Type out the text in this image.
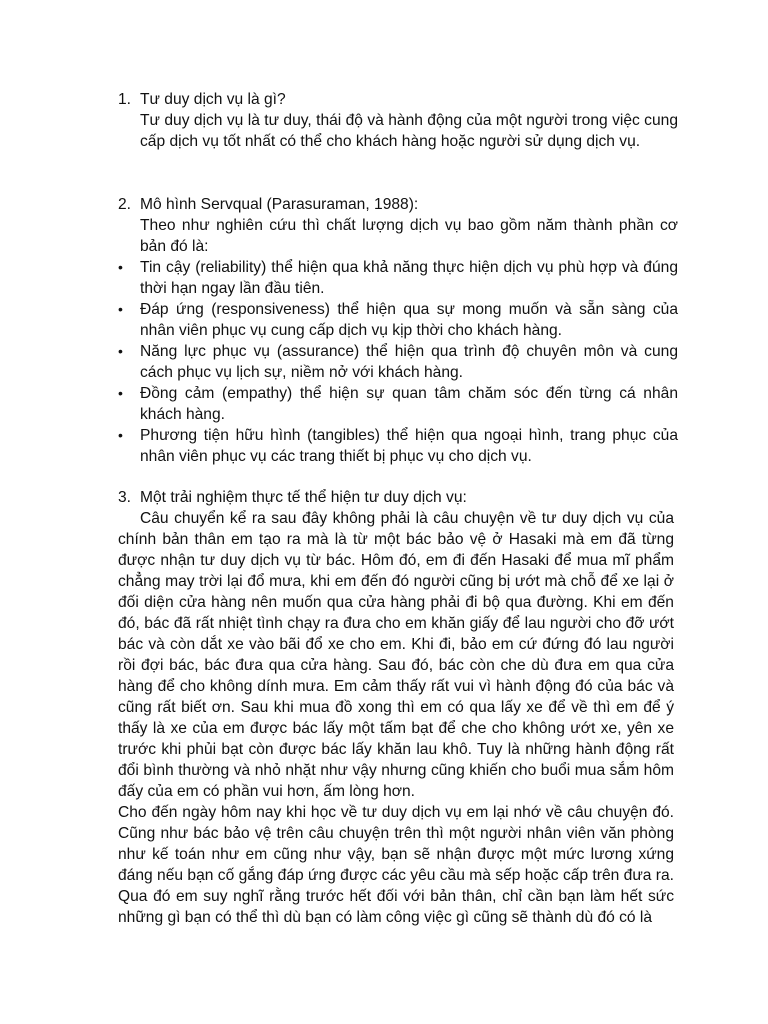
1. Tư duy dịch vụ là gì?

Tư duy dịch vụ là tư duy, thái độ và hành động của một người trong việc cung cấp dịch vụ tốt nhất có thể cho khách hàng hoặc người sử dụng dịch vụ.

2. Mô hình Servqual (Parasuraman, 1988):

Theo như nghiên cứu thì chất lượng dịch vụ bao gồm năm thành phần cơ bản đó là:

• Tin cậy (reliability) thể hiện qua khả năng thực hiện dịch vụ phù hợp và đúng thời hạn ngay lần đầu tiên.
• Đáp ứng (responsiveness) thể hiện qua sự mong muốn và sẵn sàng của nhân viên phục vụ cung cấp dịch vụ kịp thời cho khách hàng.
• Năng lực phục vụ (assurance) thể hiện qua trình độ chuyên môn và cung cách phục vụ lịch sự, niềm nở với khách hàng.
• Đồng cảm (empathy) thể hiện sự quan tâm chăm sóc đến từng cá nhân khách hàng.
• Phương tiện hữu hình (tangibles) thể hiện qua ngoại hình, trang phục của nhân viên phục vụ các trang thiết bị phục vụ cho dịch vụ.
3. Một trải nghiệm thực tế thể hiện tư duy dịch vụ:

Câu chuyển kể ra sau đây không phải là câu chuyện về tư duy dịch vụ của chính bản thân em tạo ra mà là từ một bác bảo vệ ở Hasaki mà em đã từng được nhận tư duy dịch vụ từ bác. Hôm đó, em đi đến Hasaki để mua mĩ phẩm chẳng may trời lại đổ mưa, khi em đến đó người cũng bị ướt mà chỗ để xe lại ở đối diện cửa hàng nên muốn qua cửa hàng phải đi bộ qua đường. Khi em đến đó, bác đã rất nhiệt tình chạy ra đưa cho em khăn giấy để lau người cho đỡ ướt bác và còn dắt xe vào bãi đổ xe cho em. Khi đi, bảo em cứ đứng đó lau người rồi đợi bác, bác đưa qua cửa hàng. Sau đó, bác còn che dù đưa em qua cửa hàng để cho không dính mưa. Em cảm thấy rất vui vì hành động đó của bác và cũng rất biết ơn. Sau khi mua đồ xong thì em có qua lấy xe để về thì em để ý thấy là xe của em được bác lấy một tấm bạt để che cho không ướt xe, yên xe trước khi phủi bạt còn được bác lấy khăn lau khô. Tuy là những hành động rất đổi bình thường và nhỏ nhặt như vậy nhưng cũng khiến cho buổi mua sắm hôm đấy của em có phần vui hơn, ấm lòng hơn.

Cho đến ngày hôm nay khi học về tư duy dịch vụ em lại nhớ về câu chuyện đó. Cũng như bác bảo vệ trên câu chuyện trên thì một người nhân viên văn phòng như kế toán như em cũng như vậy, bạn sẽ nhận được một mức lương xứng đáng nếu bạn cố gắng đáp ứng được các yêu cầu mà sếp hoặc cấp trên đưa ra. Qua đó em suy nghĩ rằng trước hết đối với bản thân, chỉ cần bạn làm hết sức những gì bạn có thể thì dù bạn có làm công việc gì cũng sẽ thành dù đó có là
